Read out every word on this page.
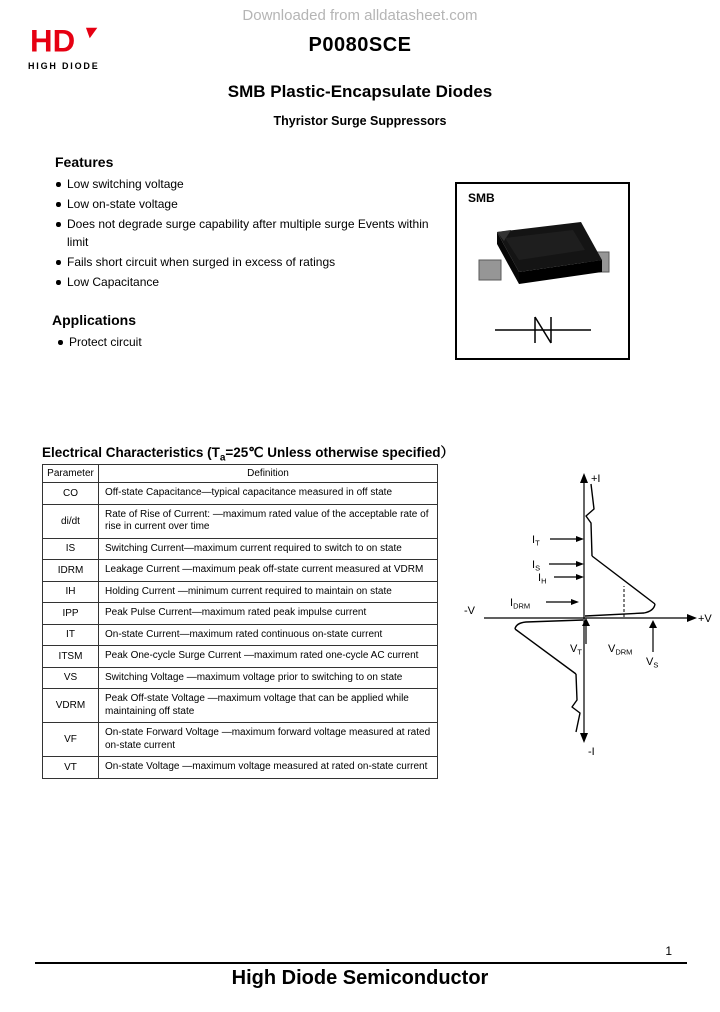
Downloaded from alldatasheet.com
HD
HIGH DIODE
P0080SCE
SMB Plastic-Encapsulate Diodes
Thyristor Surge Suppressors
Features
Low switching voltage
Low on-state voltage
Does not degrade surge capability after multiple surge Events within limit
Fails short circuit when surged in excess of ratings
Low Capacitance
SMB
Applications
Protect circuit
Electrical Characteristics ($T_a=25℃$ Unless otherwise specified）
Parameter	Definition
CO	Off-state Capacitance—typical capacitance measured in off state
di/dt	Rate of Rise of Current: —maximum rated value of the acceptable rate of rise in current over time
IS	Switching Current—maximum current required to switch to on state
IDRM	Leakage Current —maximum peak off-state current measured at VDRM
IH	Holding Current —minimum current required to maintain on state
IPP	Peak Pulse Current—maximum rated peak impulse current
IT	On-state Current—maximum rated continuous on-state current
ITSM	Peak One-cycle Surge Current —maximum rated one-cycle AC current
VS	Switching Voltage —maximum voltage prior to switching to on state
VDRM	Peak Off-state Voltage —maximum voltage that can be applied while maintaining off state
VF	On-state Forward Voltage —maximum forward voltage measured at rated on-state current
VT	On-state Voltage —maximum voltage measured at rated on-state current
+I
-I
-V
+V
$I_T$
$I_S$
$I_H$
$I_{DRM}$
$V_T$ $V_{DRM}$
$V_S$
1
High Diode Semiconductor
